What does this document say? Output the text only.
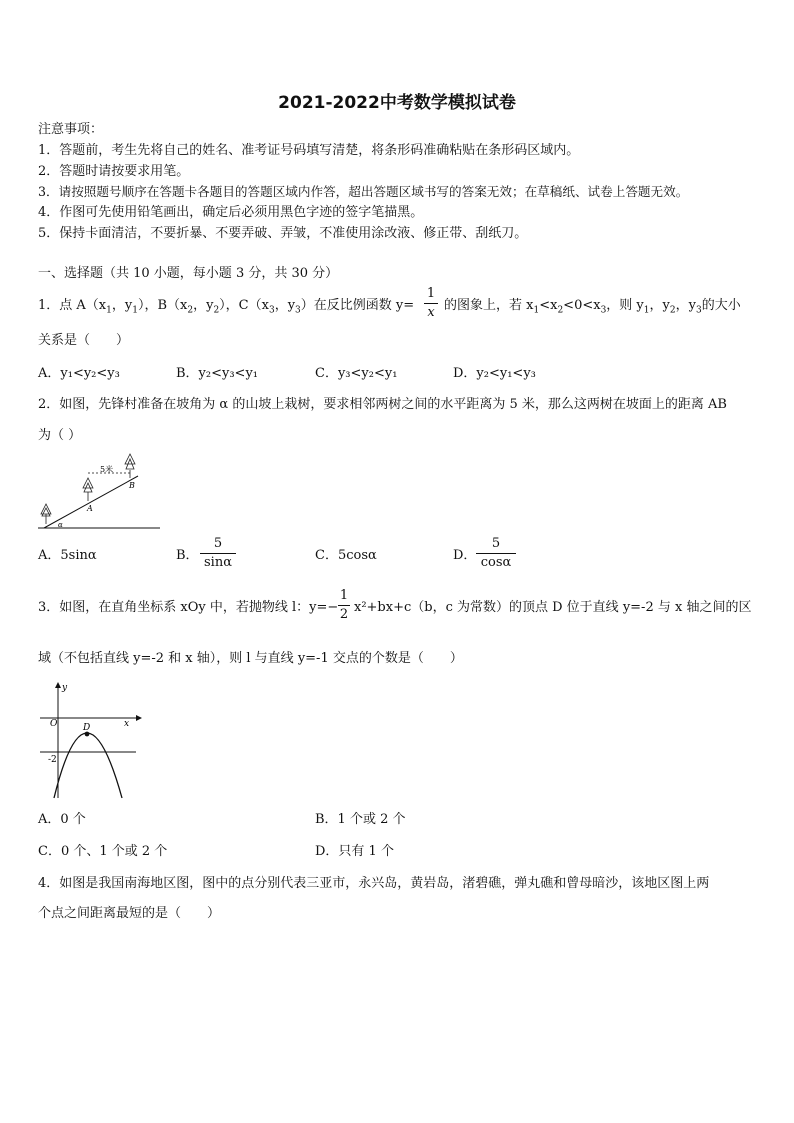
2021-2022中考数学模拟试卷
注意事项：
1．答题前，考生先将自己的姓名、准考证号码填写清楚，将条形码准确粘贴在条形码区域内。
2．答题时请按要求用笔。
3．请按照题号顺序在答题卡各题目的答题区域内作答，超出答题区域书写的答案无效；在草稿纸、试卷上答题无效。
4．作图可先使用铅笔画出，确定后必须用黑色字迹的签字笔描黑。
5．保持卡面清洁，不要折暴、不要弄破、弄皱，不准使用涂改液、修正带、刮纸刀。
一、选择题（共 10 小题，每小题 3 分，共 30 分）
1．点 $A(x_1$，$y_1$），$B(x_2$，$y_2$），$C(x_3$，$y_3$）在反比例函数 y=
1
x 的图象上，若 $x_1<x_2<0<x_3$，则 $y_1$，$y_2$，$y_3$的大小
关系是（　　）
A．y₁<y₂<y₃	B．y₂<y₃<y₁	C．y₃<y₂<y₁	D．y₂<y₁<y₃
2．如图，先锋村准备在坡角为 α 的山坡上栽树，要求相邻两树之间的水平距离为 5 米，那么这两树在坡面上的距离 AB
为（ ）
5米
A
B
α
A．5sinα	B．
5
sinα	C．5cosα	D．
5
cosα
3．如图，在直角坐标系 xOy 中，若抛物线 l：y=−
1
2 x²+bx+c（b，c 为常数）的顶点 D 位于直线 y=-2 与 x 轴之间的区
域（不包括直线 y=-2 和 x 轴），则 l 与直线 y=-1 交点的个数是（　　）
y
x
O	D
-2
A．0 个	B．1 个或 2 个
C．0 个、1 个或 2 个	D．只有 1 个
4．如图是我国南海地区图，图中的点分别代表三亚市，永兴岛，黄岩岛，渚碧礁，弹丸礁和曾母暗沙，该地区图上两
个点之间距离最短的是（　　）
